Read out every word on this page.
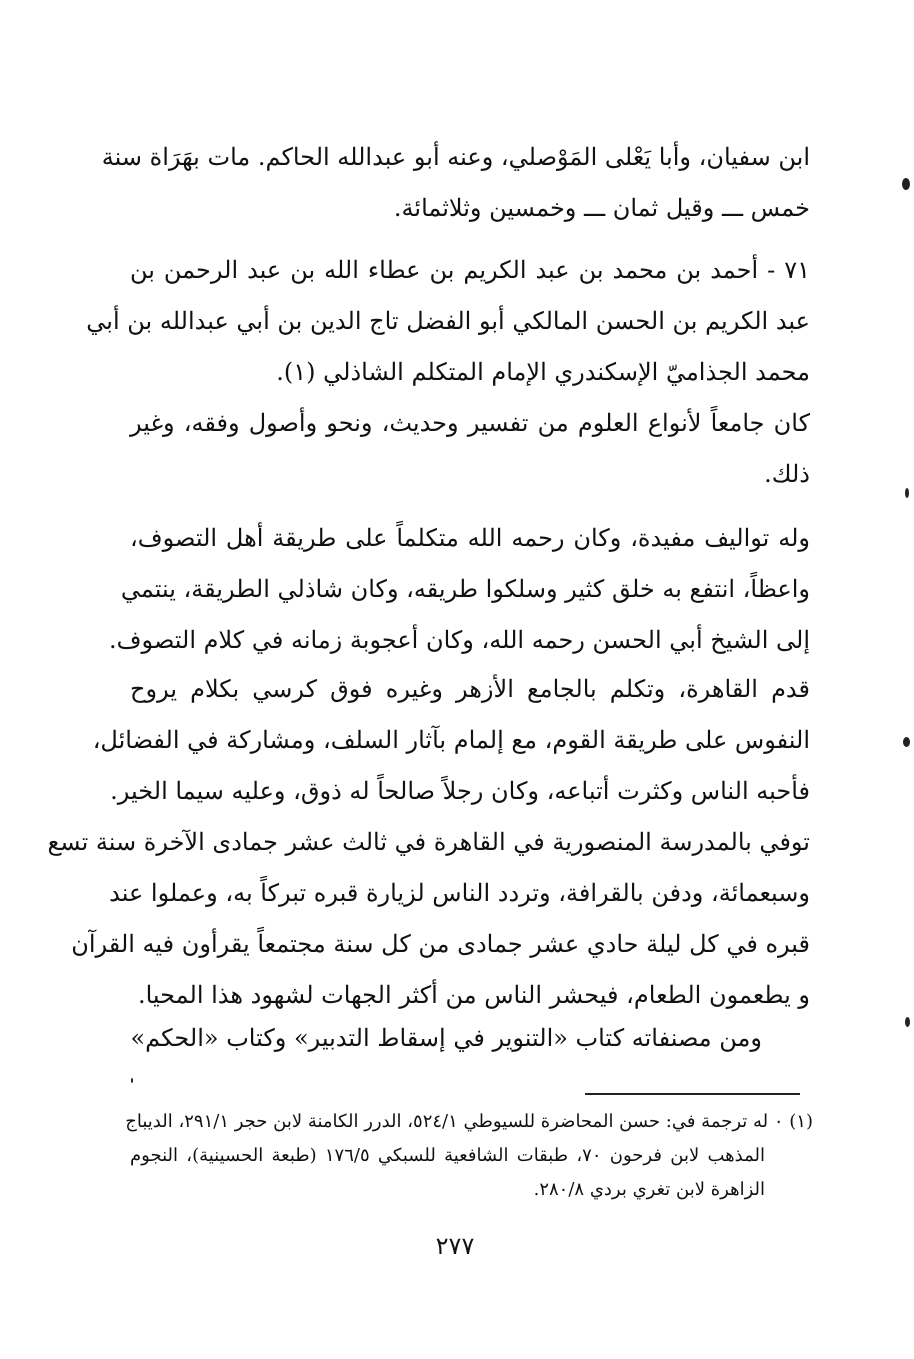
ابن سفيان، وأبا يَعْلى المَوْصلي، وعنه أبو عبدالله الحاكم. مات بهَرَاة سنة
خمس ـــ وقيل ثمان ـــ وخمسين وثلاثمائة.
٧١ - أحمد بن محمد بن عبد الكريم بن عطاء الله بن عبد الرحمن بن
عبد الكريم بن الحسن المالكي أبو الفضل تاج الدين بن أبي عبدالله بن أبي
محمد الجذاميّ الإسكندري الإمام المتكلم الشاذلي (١).
كان جامعاً لأنواع العلوم من تفسير وحديث، ونحو وأصول وفقه، وغير
ذلك.
وله تواليف مفيدة، وكان رحمه الله متكلماً على طريقة أهل التصوف،
واعظاً، انتفع به خلق كثير وسلكوا طريقه، وكان شاذلي الطريقة، ينتمي
إلى الشيخ أبي الحسن رحمه الله، وكان أعجوبة زمانه في كلام التصوف.
قدم القاهرة، وتكلم بالجامع الأزهر وغيره فوق كرسي بكلام يروح
النفوس على طريقة القوم، مع إلمام بآثار السلف، ومشاركة في الفضائل،
فأحبه الناس وكثرت أتباعه، وكان رجلاً صالحاً له ذوق، وعليه سيما الخير.
توفي بالمدرسة المنصورية في القاهرة في ثالث عشر جمادى الآخرة سنة تسع
وسبعمائة، ودفن بالقرافة، وتردد الناس لزيارة قبره تبركاً به، وعملوا عند
قبره في كل ليلة حادي عشر جمادى من كل سنة مجتمعاً يقرأون فيه القرآن
و يطعمون الطعام، فيحشر الناس من أكثر الجهات لشهود هذا المحيا.
ومن مصنفاته كتاب «التنوير في إسقاط التدبير» وكتاب «الحكم»
(١) ٠ له ترجمة في: حسن المحاضرة للسيوطي ٥٢٤/١، الدرر الكامنة لابن حجر ٢٩١/١، الديباج
المذهب لابن فرحون ٧٠، طبقات الشافعية للسبكي ١٧٦/٥ (طبعة الحسينية)، النجوم
الزاهرة لابن تغري بردي ٢٨٠/٨.
٢٧٧
